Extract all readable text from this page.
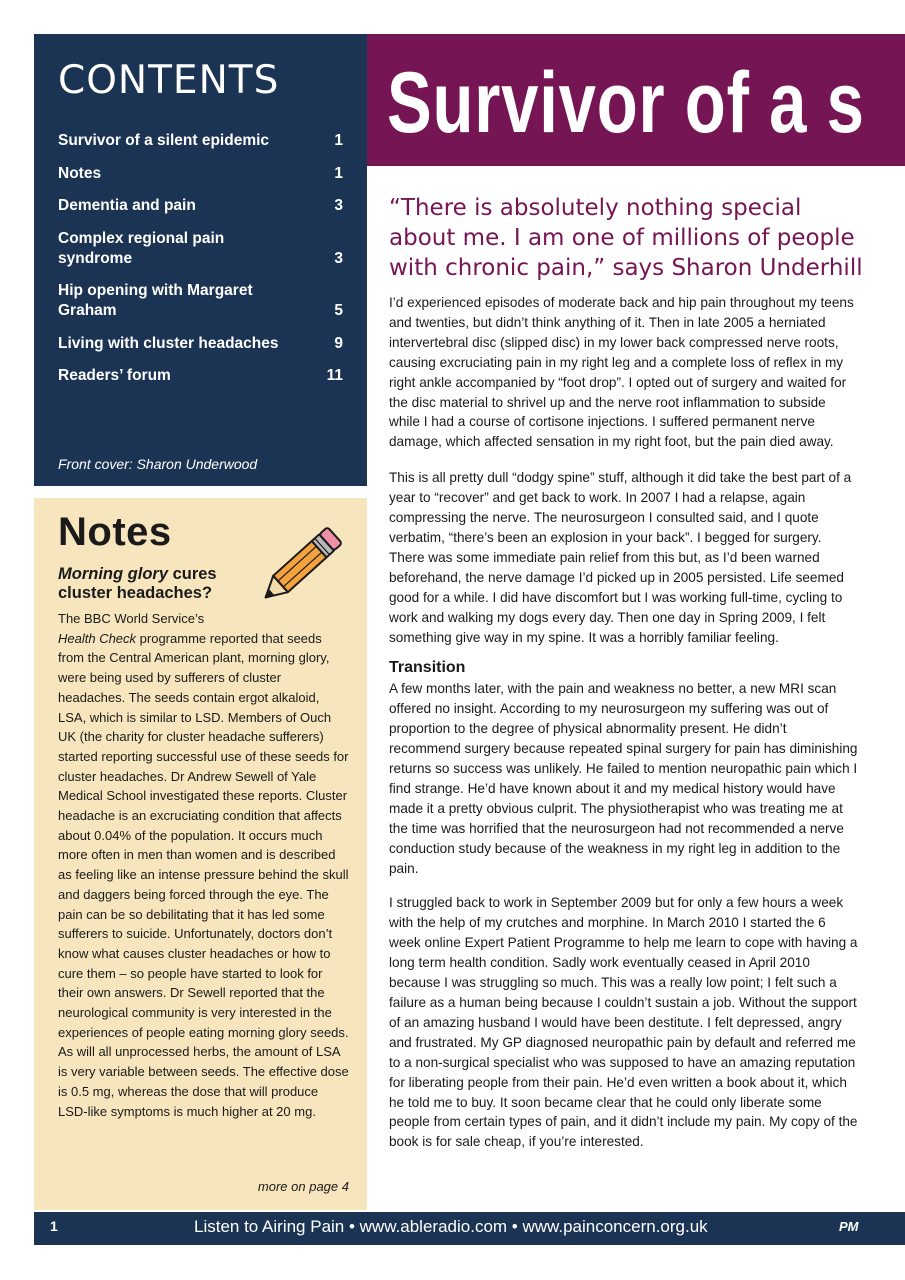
CONTENTS
Survivor of a silent epidemic	1
Notes	1
Dementia and pain	3
Complex regional pain syndrome	3
Hip opening with Margaret Graham	5
Living with cluster headaches	9
Readers’ forum	11
Front cover: Sharon Underwood
Survivor of a s
Notes
Morning glory cures cluster headaches?
The BBC World Service’s
Health Check programme reported that seeds from the Central American plant, morning glory, were being used by sufferers of cluster headaches. The seeds contain ergot alkaloid, LSA, which is similar to LSD. Members of Ouch UK (the charity for cluster headache sufferers) started reporting successful use of these seeds for cluster headaches. Dr Andrew Sewell of Yale Medical School investigated these reports. Cluster headache is an excruciating condition that affects about 0.04% of the population. It occurs much more often in men than women and is described as feeling like an intense pressure behind the skull and daggers being forced through the eye. The pain can be so debilitating that it has led some sufferers to suicide. Unfortunately, doctors don’t know what causes cluster headaches or how to cure them – so people have started to look for their own answers. Dr Sewell reported that the neurological community is very interested in the experiences of people eating morning glory seeds. As will all unprocessed herbs, the amount of LSA is very variable between seeds. The effective dose is 0.5 mg, whereas the dose that will produce LSD-like symptoms is much higher at 20 mg.
more on page 4
“There is absolutely nothing special about me. I am one of millions of people with chronic pain,” says Sharon Underhill

I’d experienced episodes of moderate back and hip pain throughout my teens and twenties, but didn’t think anything of it. Then in late 2005 a herniated intervertebral disc (slipped disc) in my lower back compressed nerve roots, causing excruciating pain in my right leg and a complete loss of reflex in my right ankle accompanied by “foot drop”. I opted out of surgery and waited for the disc material to shrivel up and the nerve root inflammation to subside while I had a course of cortisone injections. I suffered permanent nerve damage, which affected sensation in my right foot, but the pain died away.

This is all pretty dull “dodgy spine” stuff, although it did take the best part of a year to “recover” and get back to work. In 2007 I had a relapse, again compressing the nerve. The neurosurgeon I consulted said, and I quote verbatim, “there’s been an explosion in your back”. I begged for surgery. There was some immediate pain relief from this but, as I’d been warned beforehand, the nerve damage I’d picked up in 2005 persisted. Life seemed good for a while. I did have discomfort but I was working full-time, cycling to work and walking my dogs every day. Then one day in Spring 2009, I felt something give way in my spine. It was a horribly familiar feeling.

Transition

A few months later, with the pain and weakness no better, a new MRI scan offered no insight. According to my neurosurgeon my suffering was out of proportion to the degree of physical abnormality present. He didn’t recommend surgery because repeated spinal surgery for pain has diminishing returns so success was unlikely. He failed to mention neuropathic pain which I find strange. He’d have known about it and my medical history would have made it a pretty obvious culprit. The physiotherapist who was treating me at the time was horrified that the neurosurgeon had not recommended a nerve conduction study because of the weakness in my right leg in addition to the pain.

I struggled back to work in September 2009 but for only a few hours a week with the help of my crutches and morphine. In March 2010 I started the 6 week online Expert Patient Programme to help me learn to cope with having a long term health condition. Sadly work eventually ceased in April 2010 because I was struggling so much. This was a really low point; I felt such a failure as a human being because I couldn’t sustain a job. Without the support of an amazing husband I would have been destitute. I felt depressed, angry and frustrated. My GP diagnosed neuropathic pain by default and referred me to a non-surgical specialist who was supposed to have an amazing reputation for liberating people from their pain. He’d even written a book about it, which he told me to buy. It soon became clear that he could only liberate some people from certain types of pain, and it didn’t include my pain. My copy of the book is for sale cheap, if you’re interested.

1	Listen to Airing Pain • www.ableradio.com • www.painconcern.org.uk	PM
